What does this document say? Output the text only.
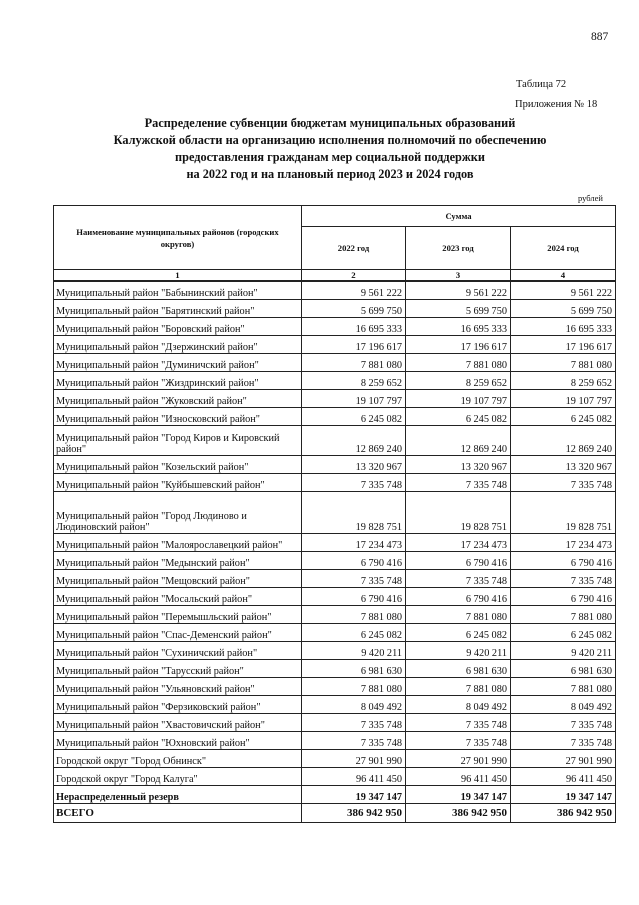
887
Таблица 72
Приложения № 18
Распределение субвенции бюджетам муниципальных образований
Калужской области на организацию исполнения полномочий по обеспечению
предоставления гражданам мер социальной поддержки
на 2022 год и на плановый период 2023 и 2024 годов
рублей
Наименование муниципальных районов (городских округов)	Сумма		
	2022 год	2023 год	2024 год
1	2	3	4
Муниципальный район "Бабынинский район"	9 561 222	9 561 222	9 561 222
Муниципальный район "Барятинский район"	5 699 750	5 699 750	5 699 750
Муниципальный район "Боровский район"	16 695 333	16 695 333	16 695 333
Муниципальный район "Дзержинский район"	17 196 617	17 196 617	17 196 617
Муниципальный район "Думиничский район"	7 881 080	7 881 080	7 881 080
Муниципальный район "Жиздринский район"	8 259 652	8 259 652	8 259 652
Муниципальный район "Жуковский район"	19 107 797	19 107 797	19 107 797
Муниципальный район "Износковский район"	6 245 082	6 245 082	6 245 082
Муниципальный район "Город Киров и Кировский район"	12 869 240	12 869 240	12 869 240
Муниципальный район "Козельский район"	13 320 967	13 320 967	13 320 967
Муниципальный район "Куйбышевский район"	7 335 748	7 335 748	7 335 748
Муниципальный район "Город Людиново и Людиновский район"	19 828 751	19 828 751	19 828 751
Муниципальный район "Малоярославецкий район"	17 234 473	17 234 473	17 234 473
Муниципальный район "Медынский район"	6 790 416	6 790 416	6 790 416
Муниципальный район "Мещовский район"	7 335 748	7 335 748	7 335 748
Муниципальный район "Мосальский район"	6 790 416	6 790 416	6 790 416
Муниципальный район "Перемышльский район"	7 881 080	7 881 080	7 881 080
Муниципальный район "Спас-Деменский район"	6 245 082	6 245 082	6 245 082
Муниципальный район "Сухиничский район"	9 420 211	9 420 211	9 420 211
Муниципальный район "Тарусский район"	6 981 630	6 981 630	6 981 630
Муниципальный район "Ульяновский район"	7 881 080	7 881 080	7 881 080
Муниципальный район "Ферзиковский район"	8 049 492	8 049 492	8 049 492
Муниципальный район "Хвастовичский район"	7 335 748	7 335 748	7 335 748
Муниципальный район "Юхновский район"	7 335 748	7 335 748	7 335 748
Городской округ "Город Обнинск"	27 901 990	27 901 990	27 901 990
Городской округ "Город Калуга"	96 411 450	96 411 450	96 411 450
Нераспределенный резерв	19 347 147	19 347 147	19 347 147
ВСЕГО	386 942 950	386 942 950	386 942 950
